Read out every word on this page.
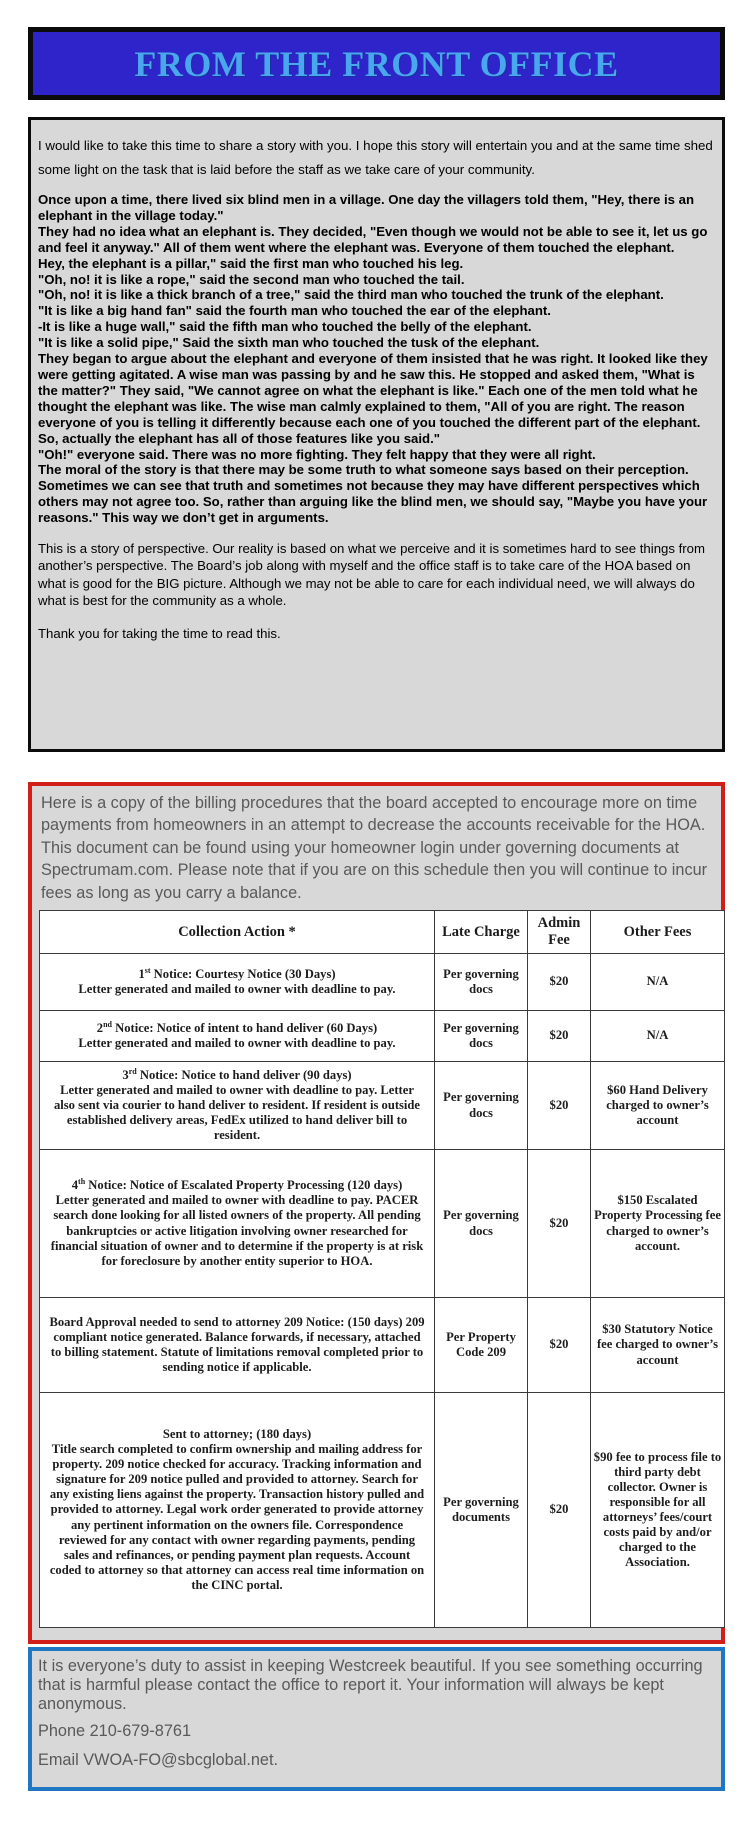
FROM THE FRONT OFFICE

I would like to take this time to share a story with you. I hope this story will entertain you and at the same time shed some light on the task that is laid before the staff as we take care of your community.

Once upon a time, there lived six blind men in a village. One day the villagers told them, "Hey, there is an elephant in the village today."
They had no idea what an elephant is. They decided, "Even though we would not be able to see it, let us go and feel it anyway." All of them went where the elephant was. Everyone of them touched the elephant.
Hey, the elephant is a pillar," said the first man who touched his leg.
"Oh, no! it is like a rope," said the second man who touched the tail.
"Oh, no! it is like a thick branch of a tree," said the third man who touched the trunk of the elephant.
"It is like a big hand fan" said the fourth man who touched the ear of the elephant.
-It is like a huge wall," said the fifth man who touched the belly of the elephant.
"It is like a solid pipe," Said the sixth man who touched the tusk of the elephant.
They began to argue about the elephant and everyone of them insisted that he was right. It looked like they were getting agitated. A wise man was passing by and he saw this. He stopped and asked them, "What is the matter?" They said, "We cannot agree on what the elephant is like." Each one of the men told what he thought the elephant was like. The wise man calmly explained to them, "All of you are right. The reason everyone of you is telling it differently because each one of you touched the different part of the elephant. So, actually the elephant has all of those features like you said."
"Oh!" everyone said. There was no more fighting. They felt happy that they were all right.
The moral of the story is that there may be some truth to what someone says based on their perception. Sometimes we can see that truth and sometimes not because they may have different perspectives which others may not agree too. So, rather than arguing like the blind men, we should say, "Maybe you have your reasons." This way we don’t get in arguments.

This is a story of perspective. Our reality is based on what we perceive and it is sometimes hard to see things from another’s perspective. The Board’s job along with myself and the office staff is to take care of the HOA based on what is good for the BIG picture. Although we may not be able to care for each individual need, we will always do what is best for the community as a whole.

Thank you for taking the time to read this.

Here is a copy of the billing procedures that the board accepted to encourage more on time payments from homeowners in an attempt to decrease the accounts receivable for the HOA. This document can be found using your homeowner login under governing documents at Spectrumam.com. Please note that if you are on this schedule then you will continue to incur fees as long as you carry a balance.

Collection Action *	Late Charge	Admin Fee	Other Fees
1st Notice: Courtesy Notice (30 Days)
Letter generated and mailed to owner with deadline to pay.	Per governing docs	$20	N/A
2nd Notice: Notice of intent to hand deliver (60 Days)
Letter generated and mailed to owner with deadline to pay.	Per governing docs	$20	N/A
3rd Notice: Notice to hand deliver (90 days)
Letter generated and mailed to owner with deadline to pay. Letter also sent via courier to hand deliver to resident. If resident is outside established delivery areas, FedEx utilized to hand deliver bill to resident.	Per governing docs	$20	$60 Hand Delivery charged to owner’s account
4th Notice: Notice of Escalated Property Processing (120 days)
Letter generated and mailed to owner with deadline to pay. PACER search done looking for all listed owners of the property. All pending bankruptcies or active litigation involving owner researched for financial situation of owner and to determine if the property is at risk for foreclosure by another entity superior to HOA.	Per governing docs	$20	$150 Escalated Property Processing fee charged to owner’s account.
Board Approval needed to send to attorney 209 Notice: (150 days) 209 compliant notice generated. Balance forwards, if necessary, attached to billing statement. Statute of limitations removal completed prior to sending notice if applicable.	Per Property Code 209	$20	$30 Statutory Notice fee charged to owner’s account
Sent to attorney; (180 days)
Title search completed to confirm ownership and mailing address for property. 209 notice checked for accuracy. Tracking information and signature for 209 notice pulled and provided to attorney. Search for any existing liens against the property. Transaction history pulled and provided to attorney. Legal work order generated to provide attorney any pertinent information on the owners file. Correspondence reviewed for any contact with owner regarding payments, pending sales and refinances, or pending payment plan requests. Account coded to attorney so that attorney can access real time information on the CINC portal.	Per governing documents	$20	$90 fee to process file to third party debt collector. Owner is responsible for all attorneys’ fees/court costs paid by and/or charged to the Association.

It is everyone’s duty to assist in keeping Westcreek beautiful. If you see something occurring that is harmful please contact the office to report it. Your information will always be kept anonymous.

Phone 210-679-8761

Email VWOA-FO@sbcglobal.net.
